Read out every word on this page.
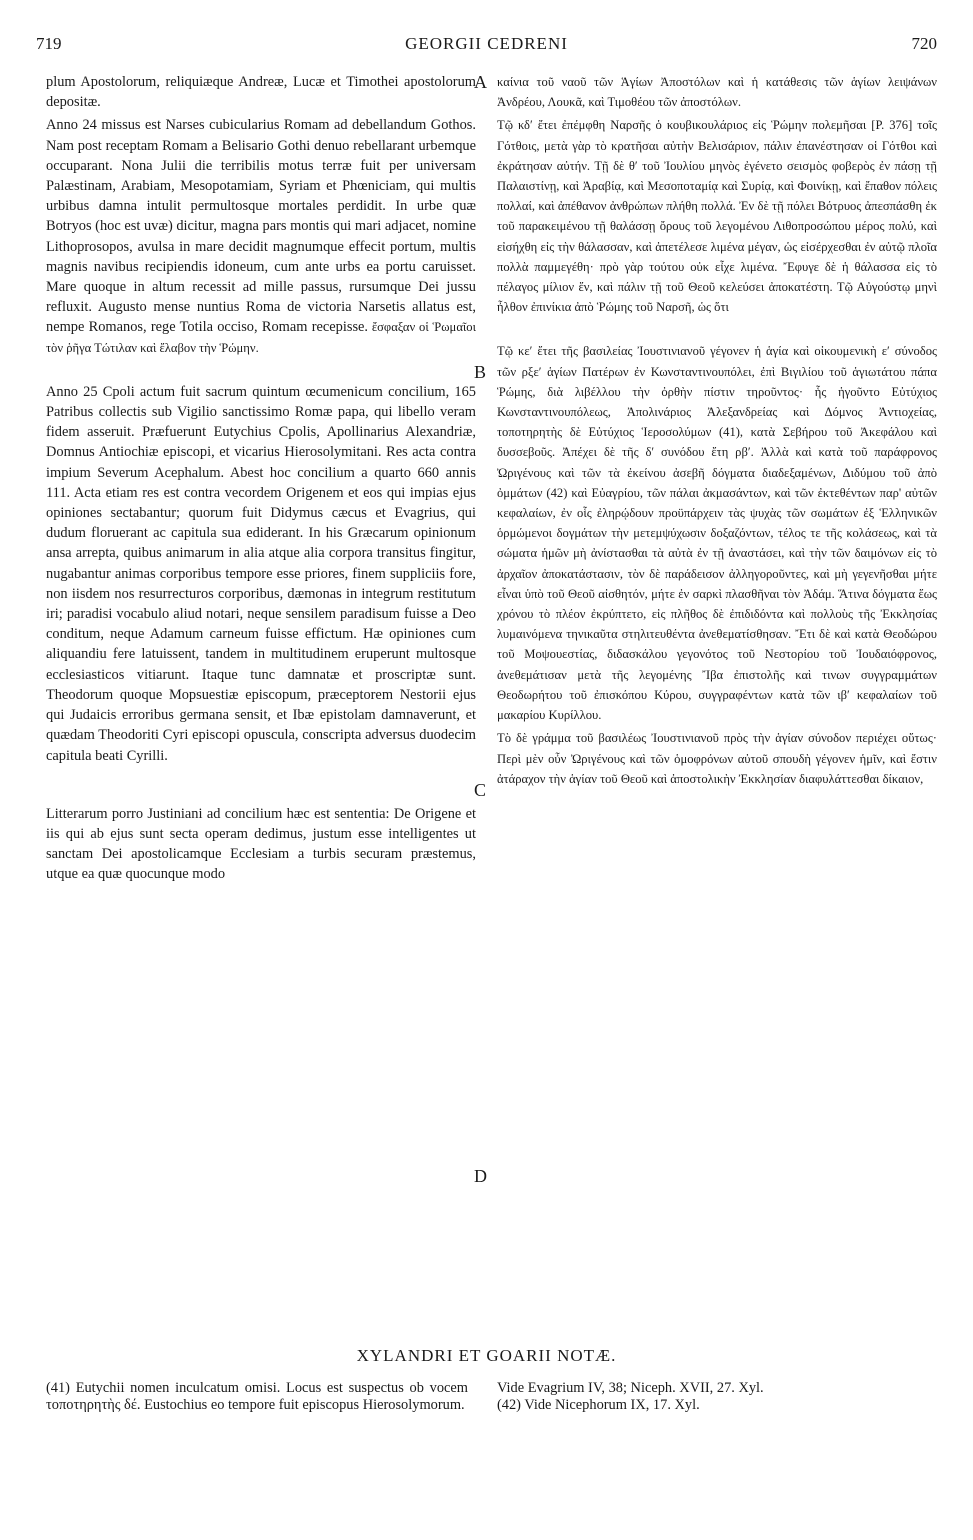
719	GEORGII CEDRENI	720

plum Apostolorum, reliquiæque Andreæ, Lucæ et Timothei apostolorum depositæ.

Anno 24 missus est Narses cubicularius Romam ad debellandum Gothos. Nam post receptam Romam a Belisario Gothi denuo rebellarant urbemque occuparant. Nona Julii die terribilis motus terræ fuit per universam Palæstinam, Arabiam, Mesopotamiam, Syriam et Phœniciam, qui multis urbibus damna intulit permultosque mortales perdidit. In urbe quæ Botryos (hoc est uvæ) dicitur, magna pars montis qui mari adjacet, nomine Lithoprosopos, avulsa in mare decidit magnumque effecit portum, multis magnis navibus recipiendis idoneum, cum ante urbs ea portu caruisset. Mare quoque in altum recessit ad mille passus, rursumque Dei jussu refluxit. Augusto mense nuntius Roma de victoria Narsetis allatus est, nempe Romanos, rege Totila occiso, Romam recepisse. ἔσφαξαν οἱ Ῥωμαῖοι τὸν ῥῆγα Τώτιλαν καὶ ἔλαβον τὴν Ῥώμην.

Anno 25 Cpoli actum fuit sacrum quintum œcumenicum concilium, 165 Patribus collectis sub Vigilio sanctissimo Romæ papa, qui libello veram fidem asseruit. Præfuerunt Eutychius Cpolis, Apollinarius Alexandriæ, Domnus Antiochiæ episcopi, et vicarius Hierosolymitani. Res acta contra impium Severum Acephalum. Abest hoc concilium a quarto 660 annis 111. Acta etiam res est contra vecordem Origenem et eos qui impias ejus opiniones sectabantur; quorum fuit Didymus cæcus et Evagrius, qui dudum floruerant ac capitula sua ediderant. In his Græcarum opinionum ansa arrepta, quibus animarum in alia atque alia corpora transitus fingitur, nugabantur animas corporibus tempore esse priores, finem suppliciis fore, non iisdem nos resurrecturos corporibus, dæmonas in integrum restitutum iri; paradisi vocabulo aliud notari, neque sensilem paradisum fuisse a Deo conditum, neque Adamum carneum fuisse effictum. Hæ opiniones cum aliquandiu fere latuissent, tandem in multitudinem eruperunt multosque ecclesiasticos vitiarunt. Itaque tunc damnatæ et proscriptæ sunt. Theodorum quoque Mopsuestiæ episcopum, præceptorem Nestorii ejus qui Judaicis erroribus germana sensit, et Ibæ epistolam damnaverunt, et quædam Theodoriti Cyri episcopi opuscula, conscripta adversus duodecim capitula beati Cyrilli.

Litterarum porro Justiniani ad concilium hæc est sententia: De Origene et iis qui ab ejus sunt secta operam dedimus, justum esse intelligentes ut sanctam Dei apostolicamque Ecclesiam a turbis securam præstemus, utque ea quæ quocunque modo

καίνια τοῦ ναοῦ τῶν Ἁγίων Ἀποστόλων καὶ ἡ κατάθεσις τῶν ἁγίων λειψάνων Ἀνδρέου, Λουκᾶ, καὶ Τιμοθέου τῶν ἀποστόλων.

Τῷ κδʹ ἔτει ἐπέμφθη Ναρσῆς ὁ κουβικουλάριος εἰς Ῥώμην πολεμῆσαι [P. 376] τοῖς Γότθοις, μετὰ γὰρ τὸ κρατῆσαι αὐτὴν Βελισάριον, πάλιν ἐπανέστησαν οἱ Γότθοι καὶ ἐκράτησαν αὐτήν. Τῇ δὲ θʹ τοῦ Ἰουλίου μηνὸς ἐγένετο σεισμὸς φοβερὸς ἐν πάσῃ τῇ Παλαιστίνῃ, καὶ Ἀραβίᾳ, καὶ Μεσοποταμίᾳ καὶ Συρίᾳ, καὶ Φοινίκῃ, καὶ ἔπαθον πόλεις πολλαί, καὶ ἀπέθανον ἀνθρώπων πλήθη πολλά. Ἐν δὲ τῇ πόλει Βότρυος ἀπεσπάσθη ἐκ τοῦ παρακειμένου τῇ θαλάσσῃ ὄρους τοῦ λεγομένου Λιθοπροσώπου μέρος πολύ, καὶ εἰσήχθη εἰς τὴν θάλασσαν, καὶ ἀπετέλεσε λιμένα μέγαν, ὡς εἰσέρχεσθαι ἐν αὐτῷ πλοῖα πολλὰ παμμεγέθη· πρὸ γὰρ τούτου οὐκ εἶχε λιμένα. Ἔφυγε δὲ ἡ θάλασσα εἰς τὸ πέλαγος μίλιον ἕν, καὶ πάλιν τῇ τοῦ Θεοῦ κελεύσει ἀποκατέστη. Τῷ Αὐγούστῳ μηνὶ ἦλθον ἐπινίκια ἀπὸ Ῥώμης τοῦ Ναρσῆ, ὡς ὅτι

Τῷ κεʹ ἔτει τῆς βασιλείας Ἰουστινιανοῦ γέγονεν ἡ ἁγία καὶ οἰκουμενικὴ εʹ σύνοδος τῶν ρξεʹ ἁγίων Πατέρων ἐν Κωνσταντινουπόλει, ἐπὶ Βιγιλίου τοῦ ἁγιωτάτου πάπα Ῥώμης, διὰ λιβέλλου τὴν ὀρθὴν πίστιν τηροῦντος· ἧς ἡγοῦντο Εὐτύχιος Κωνσταντινουπόλεως, Ἀπολινάριος Ἀλεξανδρείας καὶ Δόμνος Ἀντιοχείας, τοποτηρητὴς δὲ Εὐτύχιος Ἱεροσολύμων (41), κατὰ Σεβήρου τοῦ Ἀκεφάλου καὶ δυσσεβοῦς. Ἀπέχει δὲ τῆς δʹ συνόδου ἔτη ρβʹ. Ἀλλὰ καὶ κατὰ τοῦ παράφρονος Ὠριγένους καὶ τῶν τὰ ἐκείνου ἀσεβῆ δόγματα διαδεξαμένων, Διδύμου τοῦ ἀπὸ ὀμμάτων (42) καὶ Εὐαγρίου, τῶν πάλαι ἀκμασάντων, καὶ τῶν ἐκτεθέντων παρ' αὐτῶν κεφαλαίων, ἐν οἷς ἐληρῴδουν προϋπάρχειν τὰς ψυχὰς τῶν σωμάτων ἐξ Ἑλληνικῶν ὁρμώμενοι δογμάτων τὴν μετεμψύχωσιν δοξαζόντων, τέλος τε τῆς κολάσεως, καὶ τὰ σώματα ἡμῶν μὴ ἀνίστασθαι τὰ αὐτὰ ἐν τῇ ἀναστάσει, καὶ τὴν τῶν δαιμόνων εἰς τὸ ἀρχαῖον ἀποκατάστασιν, τὸν δὲ παράδεισον ἀλληγοροῦντες, καὶ μὴ γεγενῆσθαι μήτε εἶναι ὑπὸ τοῦ Θεοῦ αἰσθητόν, μήτε ἐν σαρκὶ πλασθῆναι τὸν Ἀδάμ. Ἅτινα δόγματα ἕως χρόνου τὸ πλέον ἐκρύπτετο, εἰς πλῆθος δὲ ἐπιδιδόντα καὶ πολλοὺς τῆς Ἐκκλησίας λυμαινόμενα τηνικαῦτα στηλιτευθέντα ἀνεθεματίσθησαν. Ἔτι δὲ καὶ κατὰ Θεοδώρου τοῦ Μοψουεστίας, διδασκάλου γεγονότος τοῦ Νεστορίου τοῦ Ἰουδαιόφρονος, ἀνεθεμάτισαν μετὰ τῆς λεγομένης Ἴβα ἐπιστολῆς καὶ τινων συγγραμμάτων Θεοδωρήτου τοῦ ἐπισκόπου Κύρου, συγγραφέντων κατὰ τῶν ιβʹ κεφαλαίων τοῦ μακαρίου Κυρίλλου.

Τὸ δὲ γράμμα τοῦ βασιλέως Ἰουστινιανοῦ πρὸς τὴν ἁγίαν σύνοδον περιέχει οὕτως· Περὶ μὲν οὖν Ὠριγένους καὶ τῶν ὁμοφρόνων αὐτοῦ σπουδὴ γέγονεν ἡμῖν, καὶ ἔστιν ἀτάραχον τὴν ἁγίαν τοῦ Θεοῦ καὶ ἀποστολικὴν Ἐκκλησίαν διαφυλάττεσθαι δίκαιον,

A
B
C
D
XYLANDRI ET GOARII NOTÆ.

(41) Eutychii nomen inculcatum omisi. Locus est suspectus ob vocem τοποτηρητὴς δέ. Eustochius eo tempore fuit episcopus Hierosolymorum.

Vide Evagrium IV, 38; Niceph. XVII, 27. Xyl.

(42) Vide Nicephorum IX, 17. Xyl.
